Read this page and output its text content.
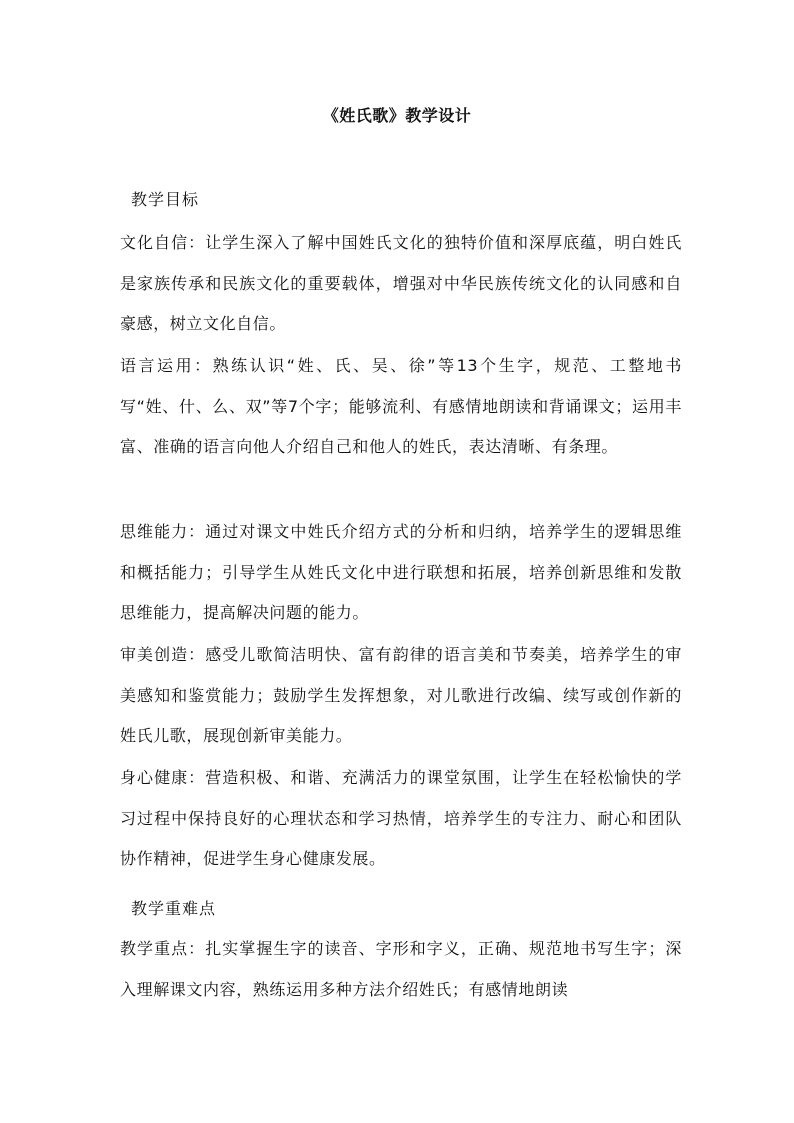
《姓氏歌》教学设计
教学目标
文化自信：让学生深入了解中国姓氏文化的独特价值和深厚底蕴，明白姓氏是家族传承和民族文化的重要载体，增强对中华民族传统文化的认同感和自豪感，树立文化自信。
语言运用：熟练认识“姓、氏、吴、徐”等13个生字，规范、工整地书写“姓、什、么、双”等7个字；能够流利、有感情地朗读和背诵课文；运用丰富、准确的语言向他人介绍自己和他人的姓氏，表达清晰、有条理。
思维能力：通过对课文中姓氏介绍方式的分析和归纳，培养学生的逻辑思维和概括能力；引导学生从姓氏文化中进行联想和拓展，培养创新思维和发散思维能力，提高解决问题的能力。
审美创造：感受儿歌简洁明快、富有韵律的语言美和节奏美，培养学生的审美感知和鉴赏能力；鼓励学生发挥想象，对儿歌进行改编、续写或创作新的姓氏儿歌，展现创新审美能力。
身心健康：营造积极、和谐、充满活力的课堂氛围，让学生在轻松愉快的学习过程中保持良好的心理状态和学习热情，培养学生的专注力、耐心和团队协作精神，促进学生身心健康发展。
教学重难点
教学重点：扎实掌握生字的读音、字形和字义，正确、规范地书写生字；深入理解课文内容，熟练运用多种方法介绍姓氏；有感情地朗读
